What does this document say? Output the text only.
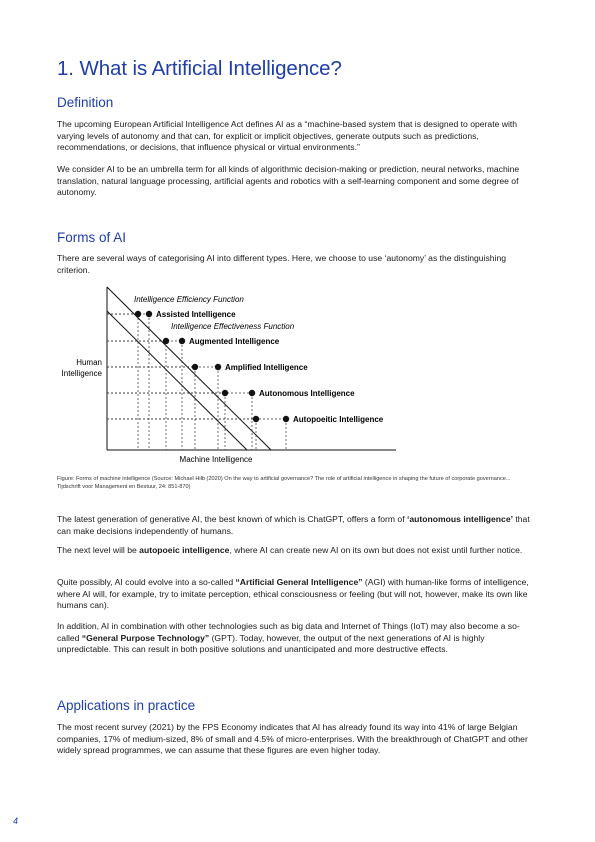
1. What is Artificial Intelligence?
Definition

The upcoming European Artificial Intelligence Act defines AI as a “machine-based system that is designed to operate with varying levels of autonomy and that can, for explicit or implicit objectives, generate outputs such as predictions, recommendations, or decisions, that influence physical or virtual environments.”

We consider AI to be an umbrella term for all kinds of algorithmic decision-making or prediction, neural networks, machine translation, natural language processing, artificial agents and robotics with a self-learning component and some degree of autonomy.

Forms of AI

There are several ways of categorising AI into different types. Here, we choose to use ‘autonomy’ as the distinguishing criterion.

Intelligence Efficiency Function
Assisted Intelligence
Intelligence Effectiveness Function
Augmented Intelligence
Amplified Intelligence
Autonomous Intelligence
Autopoeitic Intelligence
Human
Intelligence
Machine Intelligence

Figure: Forms of machine intelligence (Source: Michael Hilb (2020) On the way to artificial governance? The role of artificial intelligence in shaping the future of corporate governance... Tijdschrift voor Management en Bestuur, 24: 851-870)

The latest generation of generative AI, the best known of which is ChatGPT, offers a form of ‘autonomous intelligence’ that can make decisions independently of humans.

The next level will be autopoeic intelligence, where AI can create new AI on its own but does not exist until further notice.

Quite possibly, AI could evolve into a so-called “Artificial General Intelligence” (AGI) with human-like forms of intelligence, where AI will, for example, try to imitate perception, ethical consciousness or feeling (but will not, however, make its own like humans can).

In addition, AI in combination with other technologies such as big data and Internet of Things (IoT) may also become a so-called “General Purpose Technology” (GPT). Today, however, the output of the next generations of AI is highly unpredictable. This can result in both positive solutions and unanticipated and more destructive effects.

Applications in practice

The most recent survey (2021) by the FPS Economy indicates that AI has already found its way into 41% of large Belgian companies, 17% of medium-sized, 8% of small and 4.5% of micro-enterprises. With the breakthrough of ChatGPT and other widely spread programmes, we can assume that these figures are even higher today.

4
